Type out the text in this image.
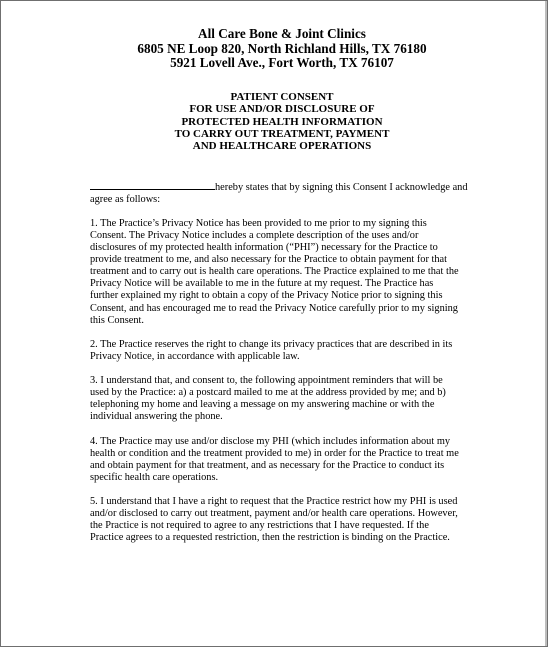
All Care Bone & Joint Clinics
6805 NE Loop 820, North Richland Hills, TX 76180
5921 Lovell Ave., Fort Worth, TX 76107
PATIENT CONSENT
FOR USE AND/OR DISCLOSURE OF
PROTECTED HEALTH INFORMATION
TO CARRY OUT TREATMENT, PAYMENT
AND HEALTHCARE OPERATIONS

hereby states that by signing this Consent I acknowledge and
agree as follows:

1. The Practice’s Privacy Notice has been provided to me prior to my signing this
Consent. The Privacy Notice includes a complete description of the uses and/or
disclosures of my protected health information (“PHI”) necessary for the Practice to
provide treatment to me, and also necessary for the Practice to obtain payment for that
treatment and to carry out is health care operations. The Practice explained to me that the
Privacy Notice will be available to me in the future at my request. The Practice has
further explained my right to obtain a copy of the Privacy Notice prior to signing this
Consent, and has encouraged me to read the Privacy Notice carefully prior to my signing
this Consent.

2. The Practice reserves the right to change its privacy practices that are described in its
Privacy Notice, in accordance with applicable law.

3. I understand that, and consent to, the following appointment reminders that will be
used by the Practice: a) a postcard mailed to me at the address provided by me; and b)
telephoning my home and leaving a message on my answering machine or with the
individual answering the phone.

4. The Practice may use and/or disclose my PHI (which includes information about my
health or condition and the treatment provided to me) in order for the Practice to treat me
and obtain payment for that treatment, and as necessary for the Practice to conduct its
specific health care operations.

5. I understand that I have a right to request that the Practice restrict how my PHI is used
and/or disclosed to carry out treatment, payment and/or health care operations. However,
the Practice is not required to agree to any restrictions that I have requested. If the
Practice agrees to a requested restriction, then the restriction is binding on the Practice.
